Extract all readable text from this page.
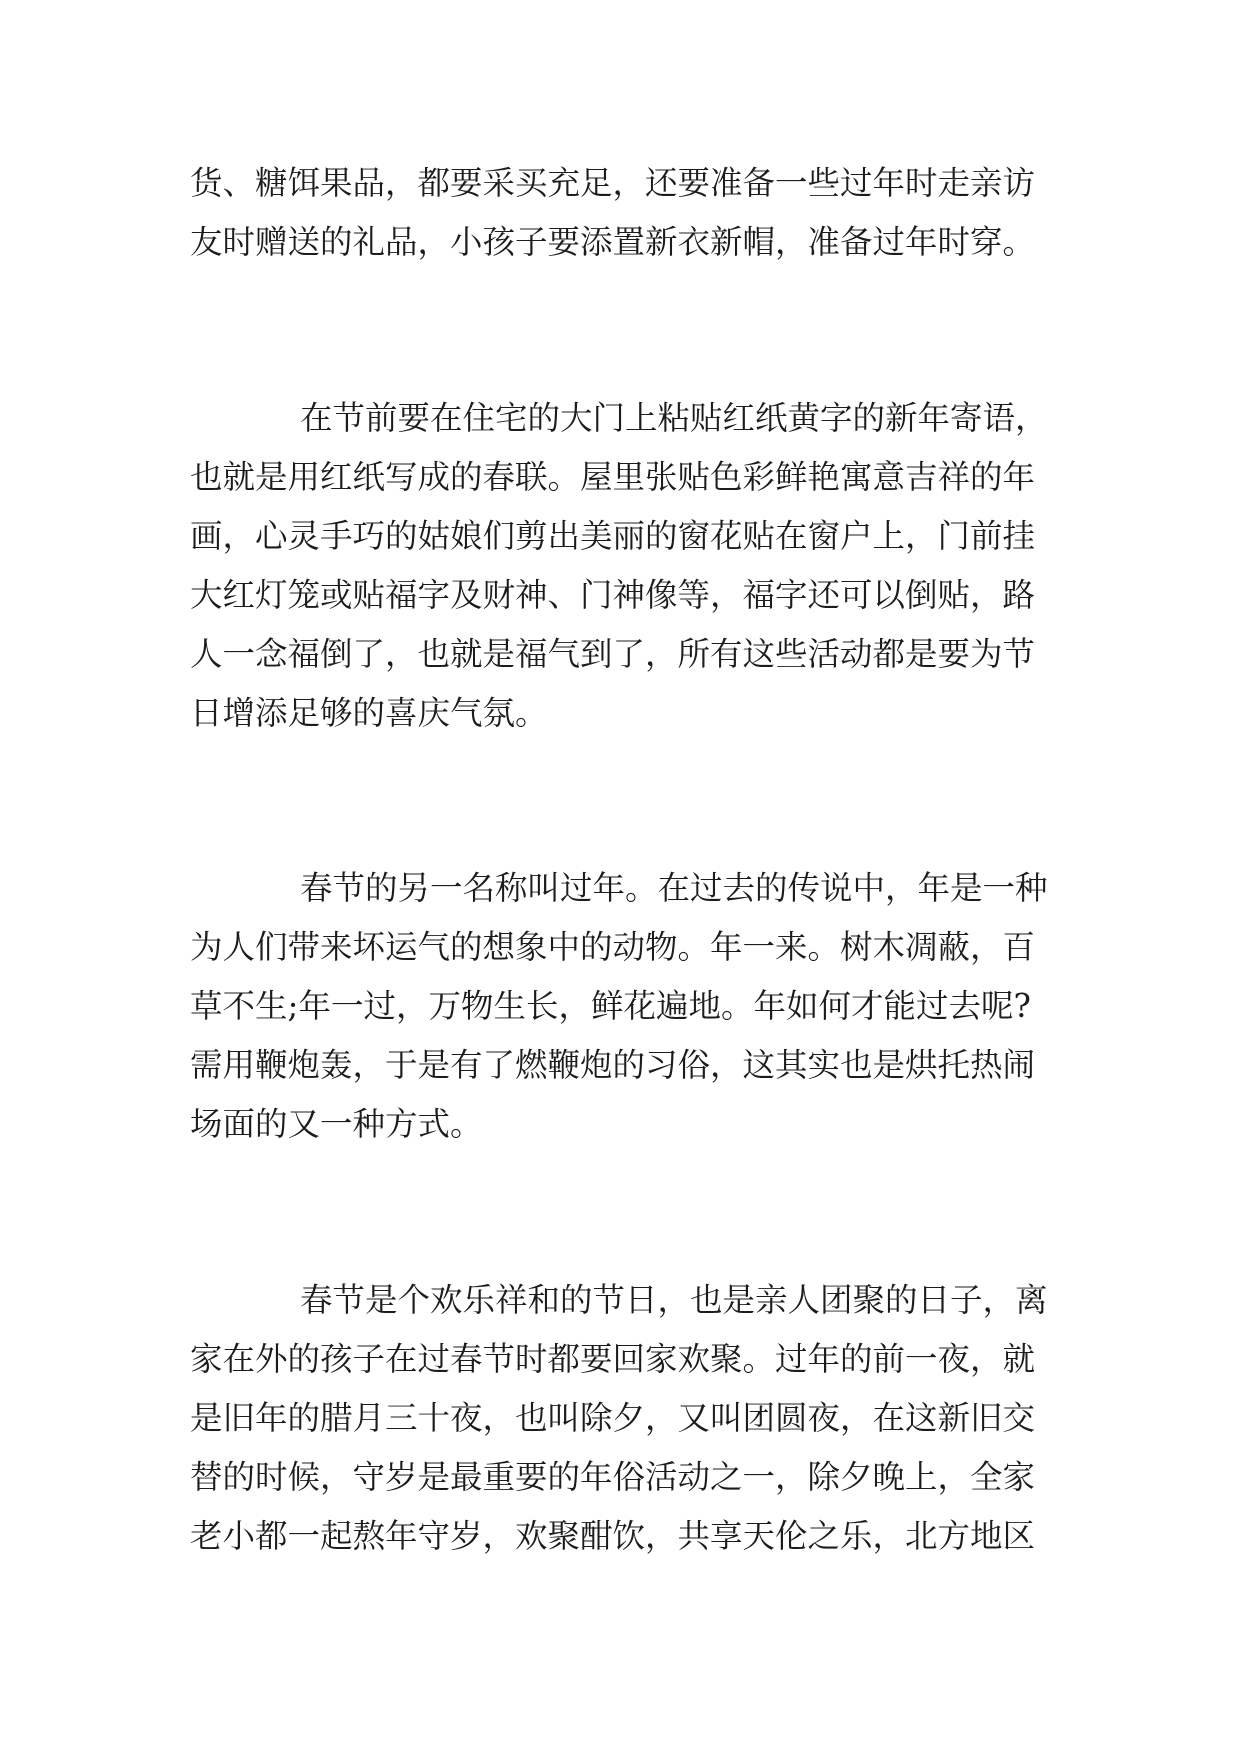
货、糖饵果品，都要采买充足，还要准备一些过年时走亲访

友时赠送的礼品，小孩子要添置新衣新帽，准备过年时穿。

在节前要在住宅的大门上粘贴红纸黄字的新年寄语，

也就是用红纸写成的春联。屋里张贴色彩鲜艳寓意吉祥的年

画，心灵手巧的姑娘们剪出美丽的窗花贴在窗户上，门前挂

大红灯笼或贴福字及财神、门神像等，福字还可以倒贴，路

人一念福倒了，也就是福气到了，所有这些活动都是要为节

日增添足够的喜庆气氛。

春节的另一名称叫过年。在过去的传说中，年是一种

为人们带来坏运气的想象中的动物。年一来。树木凋蔽，百

草不生;年一过，万物生长，鲜花遍地。年如何才能过去呢?

需用鞭炮轰，于是有了燃鞭炮的习俗，这其实也是烘托热闹

场面的又一种方式。

春节是个欢乐祥和的节日，也是亲人团聚的日子，离

家在外的孩子在过春节时都要回家欢聚。过年的前一夜，就

是旧年的腊月三十夜，也叫除夕，又叫团圆夜，在这新旧交

替的时候，守岁是最重要的年俗活动之一，除夕晚上，全家

老小都一起熬年守岁，欢聚酣饮，共享天伦之乐，北方地区
